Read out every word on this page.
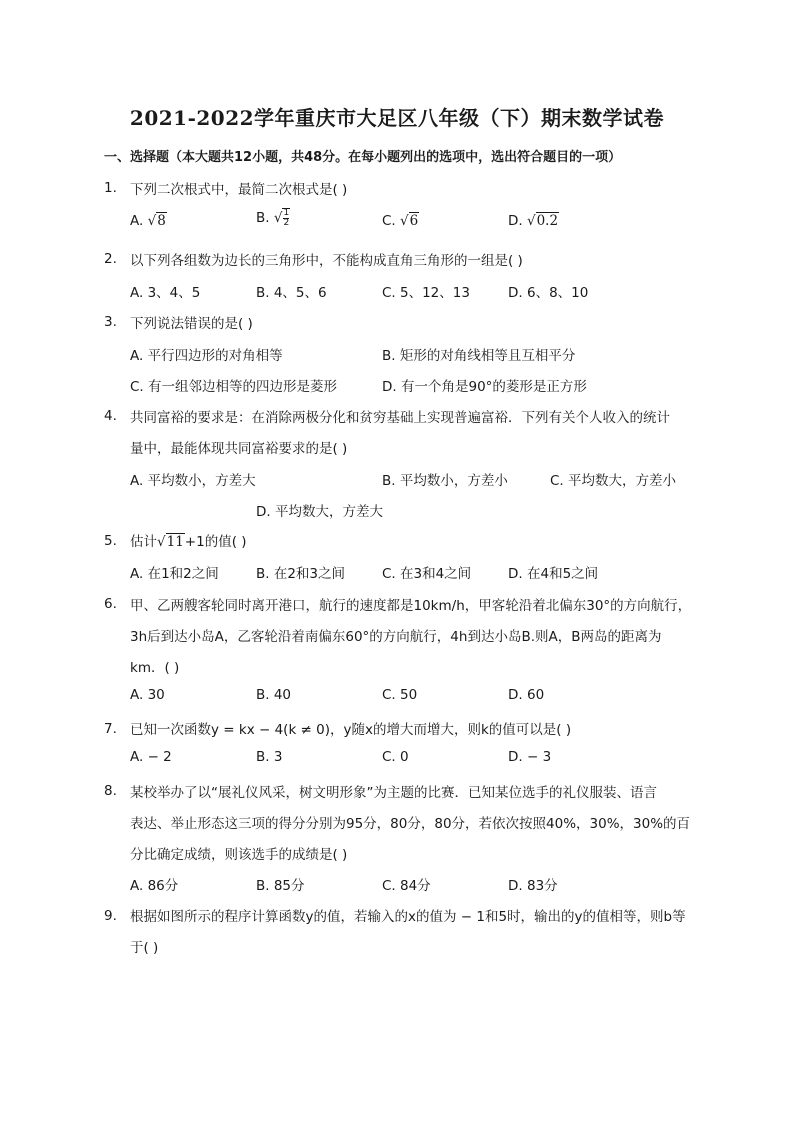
2021-2022学年重庆市大足区八年级（下）期末数学试卷
一、选择题（本大题共12小题，共48分。在每小题列出的选项中，选出符合题目的一项）
1. 下列二次根式中，最简二次根式是( )
A. √8	B. √ $\frac{1}{2}$	C. √6	D. √0.2
2. 以下列各组数为边长的三角形中，不能构成直角三角形的一组是( )
A. 3、4、5	B. 4、5、6	C. 5、12、13	D. 6、8、10
3. 下列说法错误的是( )
A. 平行四边形的对角相等	B. 矩形的对角线相等且互相平分
C. 有一组邻边相等的四边形是菱形	D. 有一个角是90°的菱形是正方形
4. 共同富裕的要求是：在消除两极分化和贫穷基础上实现普遍富裕．下列有关个人收入的统计
量中，最能体现共同富裕要求的是( )
A. 平均数小，方差大	B. 平均数小，方差小	C. 平均数大，方差小
D. 平均数大，方差大
5. 估计√11+1的值( )
A. 在1和2之间	B. 在2和3之间	C. 在3和4之间	D. 在4和5之间
6. 甲、乙两艘客轮同时离开港口，航行的速度都是10km/h，甲客轮沿着北偏东30°的方向航行，
3h后到达小岛A，乙客轮沿着南偏东60°的方向航行，4h到达小岛B.则A，B两岛的距离为
km．( )
A. 30	B. 40	C. 50	D. 60
7. 已知一次函数y = kx − 4(k ≠ 0)，y随x的增大而增大，则k的值可以是( )
A. − 2	B. 3	C. 0	D. − 3
8. 某校举办了以“展礼仪风采，树文明形象”为主题的比赛．已知某位选手的礼仪服装、语言
表达、举止形态这三项的得分分别为95分，80分，80分，若依次按照40%，30%，30%的百
分比确定成绩，则该选手的成绩是( )
A. 86分	B. 85分	C. 84分	D. 83分
9. 根据如图所示的程序计算函数y的值，若输入的x的值为 − 1和5时，输出的y的值相等，则b等
于( )
